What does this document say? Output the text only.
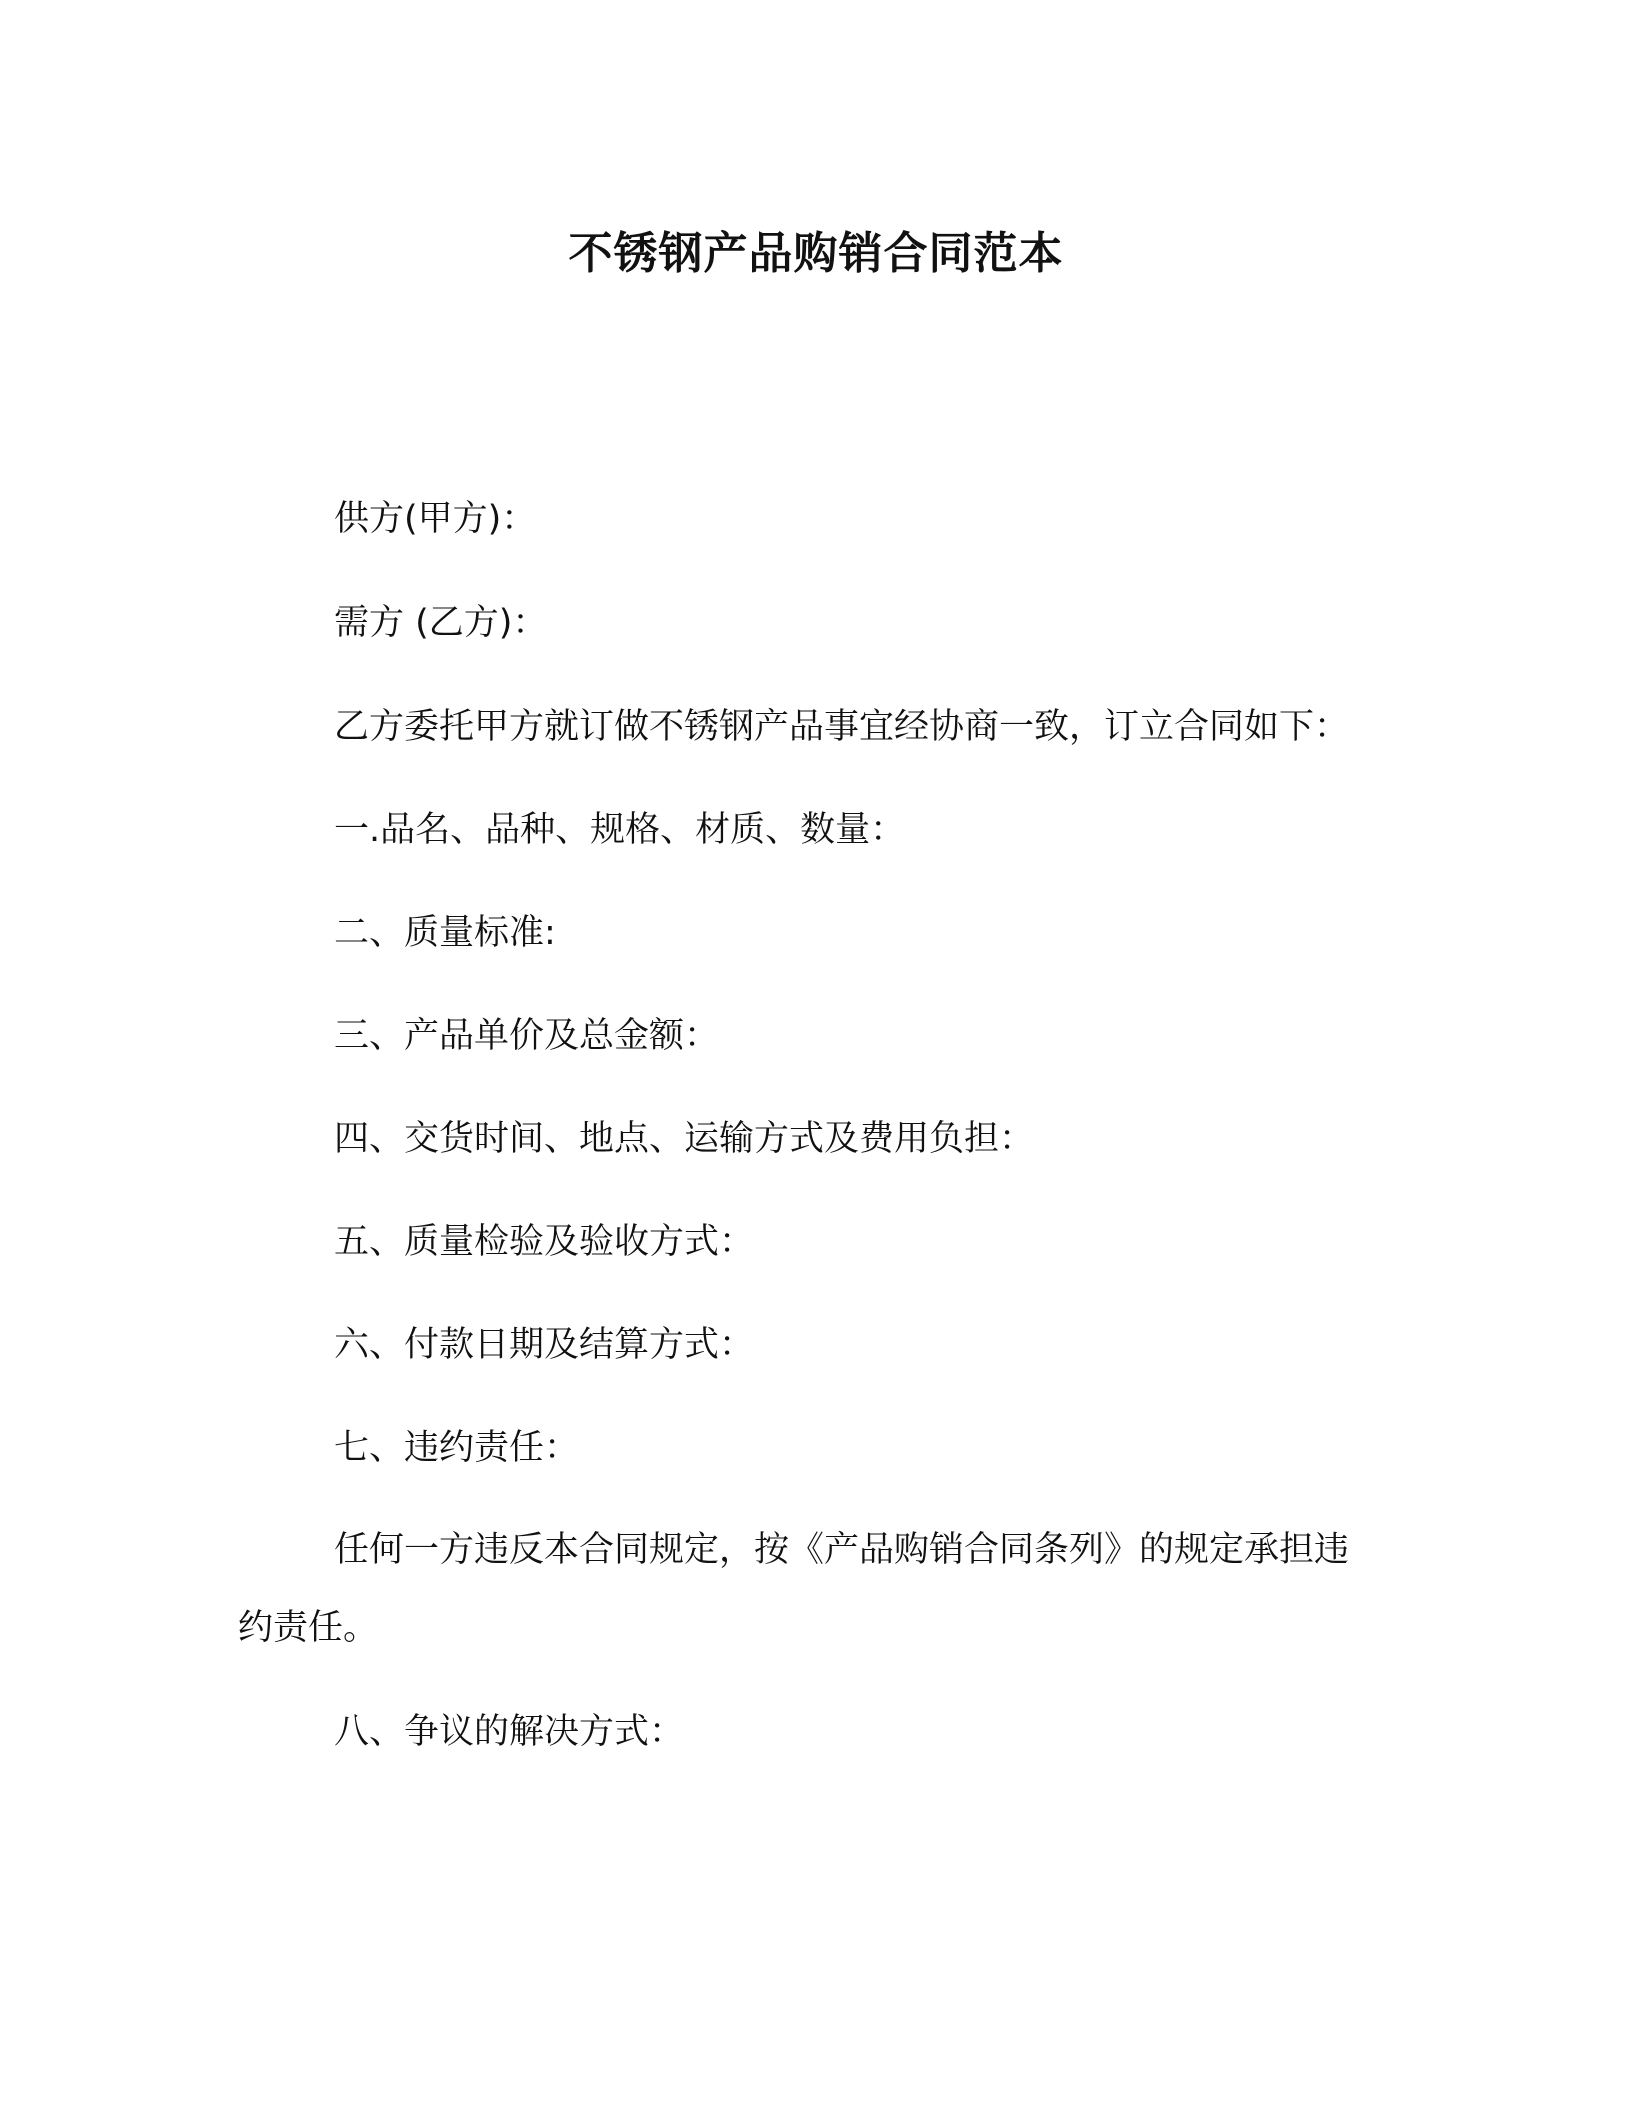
不锈钢产品购销合同范本
供方(甲方)：
需方 (乙方)：
乙方委托甲方就订做不锈钢产品事宜经协商一致，订立合同如下：
一.品名、品种、规格、材质、数量：
二、质量标准:
三、产品单价及总金额：
四、交货时间、地点、运输方式及费用负担：
五、质量检验及验收方式：
六、付款日期及结算方式：
七、违约责任：
任何一方违反本合同规定，按《产品购销合同条列》的规定承担违约责任。
八、争议的解决方式：
